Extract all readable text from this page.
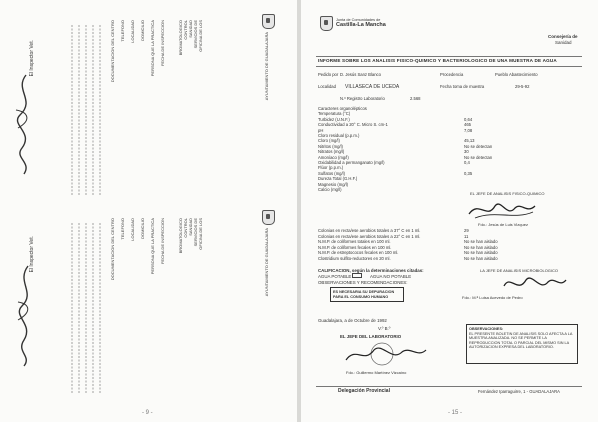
AYUNTAMIENTO DE GUADALAJARA
OFICINA DE LOS
SERVICIOS DE
SANIDAD
CONTROL
BROMATOLOGICO
FECHA DE INSPECCION
PERSONA QUE LA PRACTICA
DOMICILIO
LOCALIDAD
TELEFONO
DOCUMENTACION DEL CENTRO
El Inspector Vet.
AYUNTAMIENTO DE GUADALAJARA
OFICINA DE LOS
SERVICIOS DE
SANIDAD
CONTROL
BROMATOLOGICO
FECHA DE INSPECCION
PERSONA QUE LA PRACTICA
DOMICILIO
LOCALIDAD
TELEFONO
DOCUMENTACION DEL CENTRO
El Inspector Vet.
- 9 -
Junta de Comunidades de
Castilla-La Mancha
Consejería de
Sanidad
INFORME SOBRE LOS ANALISIS FISICO-QUIMICO Y BACTERIOLOGICO DE UNA MUESTRA DE AGUA
Pedido por D. Jesús Sanz Blanco	Procedencia	Pueblo Abastecimiento
Localidad VILLASECA DE UCEDA	Fecha toma de muestra	29-5-92
N.º Registro Laboratorio	2.568
Caracteres organolépticos
Temperatura (°C)
Turbidez (U.N.F.)	0,64
Conductividad a 20° C. Micro S. cm-1	465
pH	7,08
Cloro residual (p.p.m.)
Cloro (mg/l)	45,13
Nitritos (mg/l)	No se detectan
Nitratos (mg/l)	30
Amoníaco (mg/l)	No se detectan
Oxidabilidad a permanganato (mg/l)	0,4
Flúor (p.p.m.)
Sulfatos (mg/l)	0,35
Dureza Total (G.H.F.)
Magnesio (mg/l)
Calcio (mg/l)
EL JEFE DE ANALISIS FISICO-QUIMICO
Fdo.: Jesús de Luis Vizquez
Colonias en recta/ese aerobios totales a 37° C en 1 ml.	29
Colonias en recta/ese aerobios totales a 22° C en 1 ml.	11
N.M.P. de coliformes totales en 100 ml.	No se han aislado
N.M.P. de coliformes fecales en 100 ml.	No se han aislado
N.M.P. de estreptococos fecales en 100 ml.	No se han aislado
Clostridium sulfito-reductores en 20 ml.	No se han aislado
CALIFICACION, según la determinaciones citadas:
AGUA POTABLE	AGUA NO POTABLE
OBSERVACIONES Y RECOMENDACIONES:
ES NECESARIA SU DEPURACION PARA EL CONSUMO HUMANO
LA JEFE DE ANALISIS MICROBIOLOGICO
Fdo.: M.ª Luisa Acevedo de Pedro
Guadalajara, a de Octubre de 1992
V.º B.º
EL JEFE DEL LABORATORIO
Fdo.: Guillermo Martínez Vizcaíno
OBSERVACIONES:
EL PRESENTE BOLETIN DE ANALISIS SOLO AFECTA A LA MUESTRA ANALIZADA. NO SE PERMITE LA REPRODUCCION TOTAL O PARCIAL DEL MISMO SIN LA AUTORIZACION EXPRESA DEL LABORATORIO.
Delegación Provincial	Fernández Iparraguirre, 1 - GUADALAJARA
- 15 -
